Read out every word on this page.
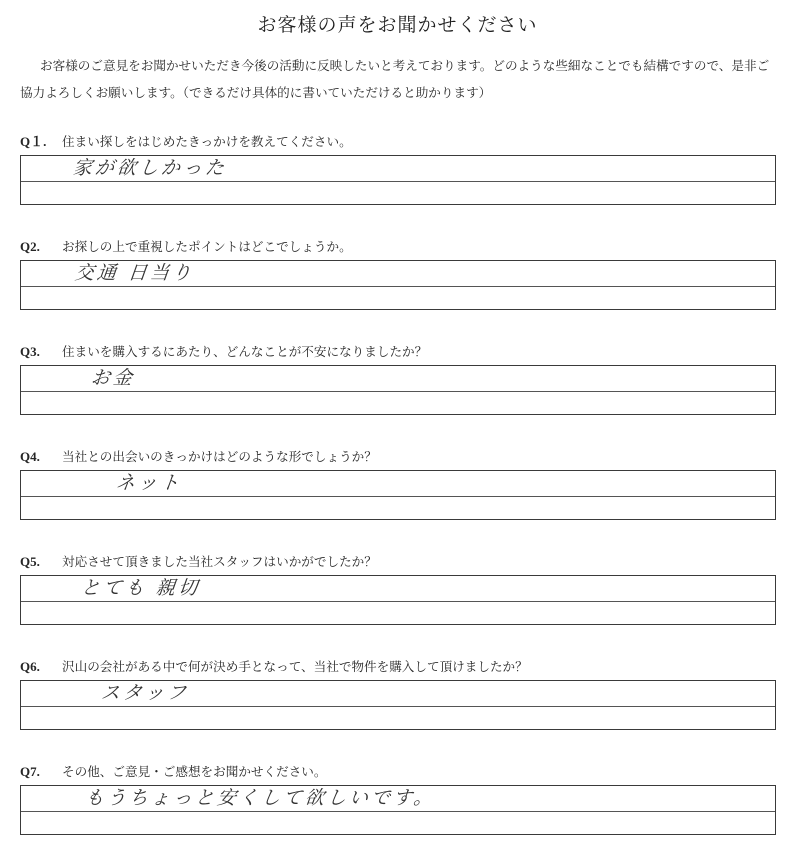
お客様の声をお聞かせください
お客様のご意見をお聞かせいただき今後の活動に反映したいと考えております。どのような些細なことでも結構ですので、是非ご協力よろしくお願いします。（できるだけ具体的に書いていただけると助かります）
Q１. 住まい探しをはじめたきっかけを教えてください。
家が欲しかった
Q2. お探しの上で重視したポイントはどこでしょうか。
交通 日当り
Q3. 住まいを購入するにあたり、どんなことが不安になりましたか？
お金
Q4. 当社との出会いのきっかけはどのような形でしょうか？
ネット
Q5. 対応させて頂きました当社スタッフはいかがでしたか？
とても 親切
Q6. 沢山の会社がある中で何が決め手となって、当社で物件を購入して頂けましたか？
スタッフ
Q7. その他、ご意見・ご感想をお聞かせください。
もうちょっと安くして欲しいです。
